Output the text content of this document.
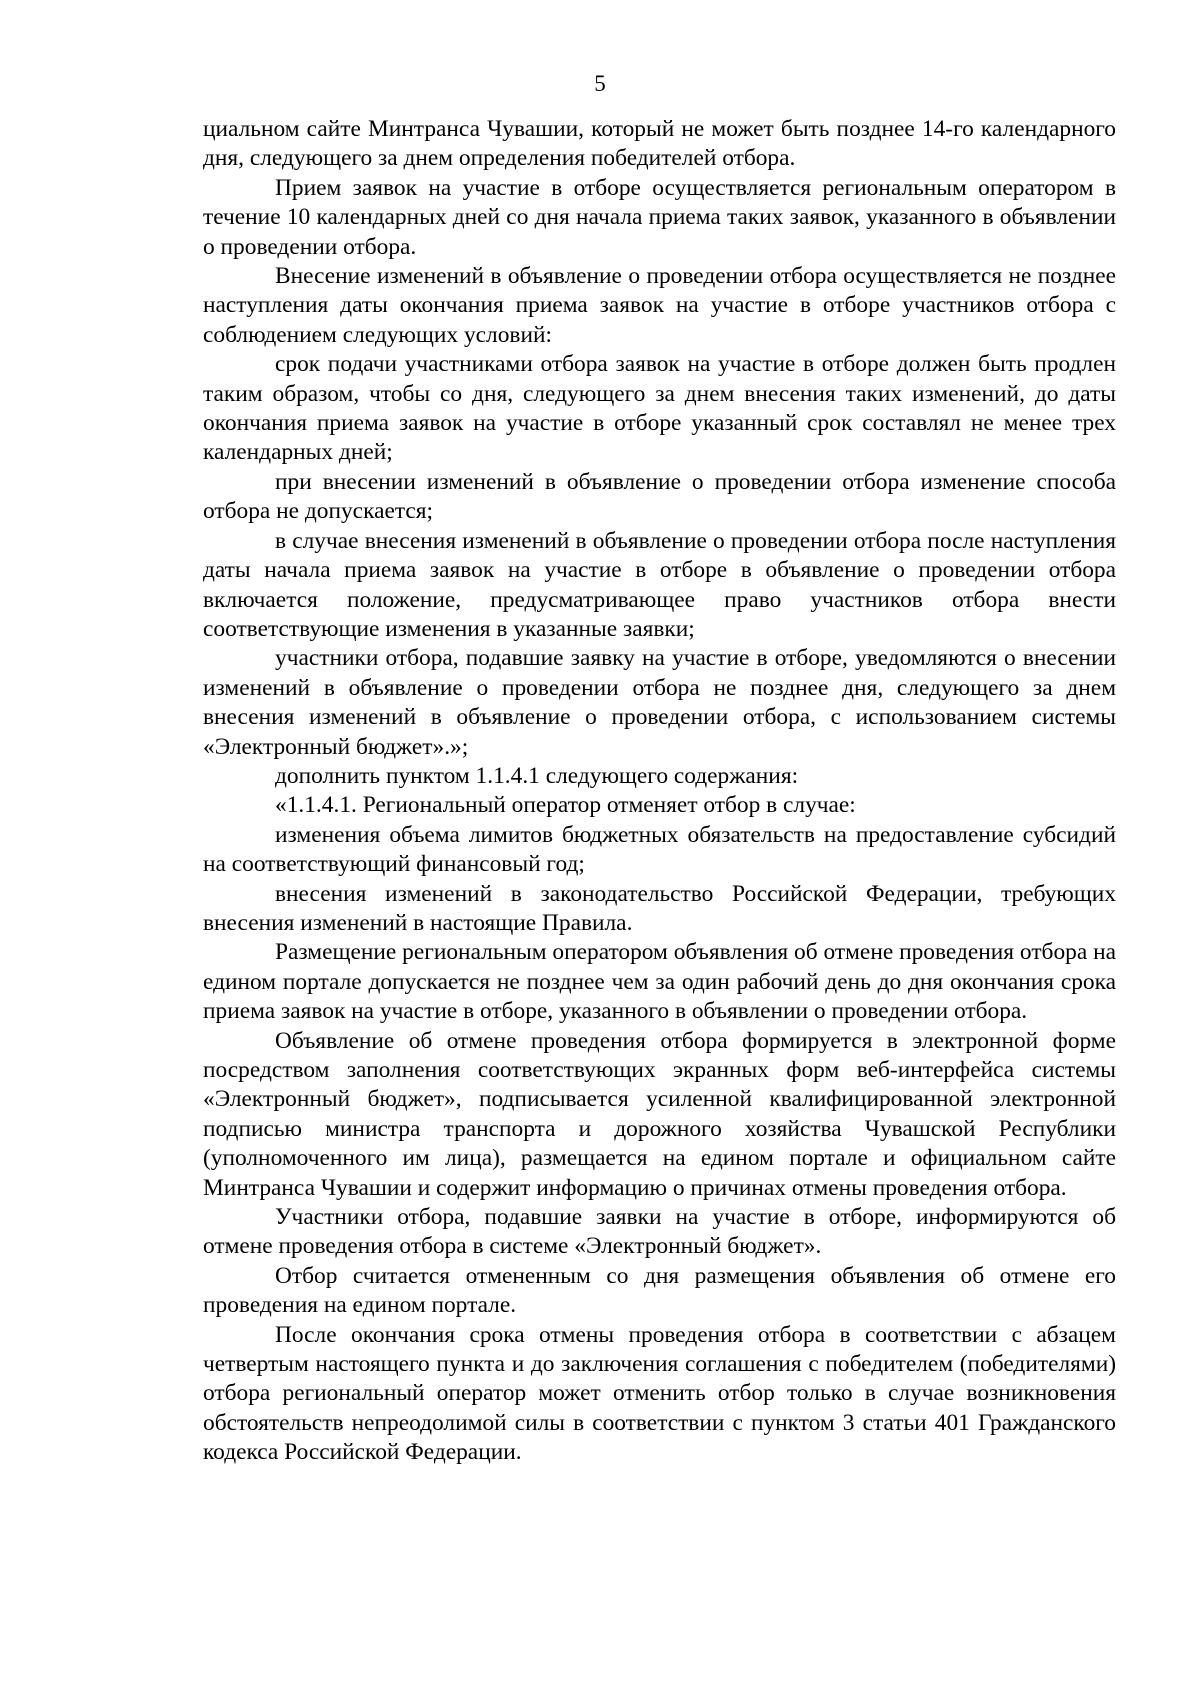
5

циальном сайте Минтранса Чувашии, который не может быть позднее 14-го календарного дня, следующего за днем определения победителей отбора.

Прием заявок на участие в отборе осуществляется региональным оператором в течение 10 календарных дней со дня начала приема таких заявок, указанного в объявлении о проведении отбора.

Внесение изменений в объявление о проведении отбора осуществляется не позднее наступления даты окончания приема заявок на участие в отборе участников отбора с соблюдением следующих условий:

срок подачи участниками отбора заявок на участие в отборе должен быть продлен таким образом, чтобы со дня, следующего за днем внесения таких изменений, до даты окончания приема заявок на участие в отборе указанный срок составлял не менее трех календарных дней;

при внесении изменений в объявление о проведении отбора изменение способа отбора не допускается;

в случае внесения изменений в объявление о проведении отбора после наступления даты начала приема заявок на участие в отборе в объявление о проведении отбора включается положение, предусматривающее право участников отбора внести соответствующие изменения в указанные заявки;

участники отбора, подавшие заявку на участие в отборе, уведомляются о внесении изменений в объявление о проведении отбора не позднее дня, следующего за днем внесения изменений в объявление о проведении отбора, с использованием системы «Электронный бюджет».»;

дополнить пунктом 1.1.4.1 следующего содержания:

«1.1.4.1. Региональный оператор отменяет отбор в случае:

изменения объема лимитов бюджетных обязательств на предоставление субсидий на соответствующий финансовый год;

внесения изменений в законодательство Российской Федерации, требующих внесения изменений в настоящие Правила.

Размещение региональным оператором объявления об отмене проведения отбора на едином портале допускается не позднее чем за один рабочий день до дня окончания срока приема заявок на участие в отборе, указанного в объявлении о проведении отбора.

Объявление об отмене проведения отбора формируется в электронной форме посредством заполнения соответствующих экранных форм веб-интерфейса системы «Электронный бюджет», подписывается усиленной квалифицированной электронной подписью министра транспорта и дорожного хозяйства Чувашской Республики (уполномоченного им лица), размещается на едином портале и официальном сайте Минтранса Чувашии и содержит информацию о причинах отмены проведения отбора.

Участники отбора, подавшие заявки на участие в отборе, информируются об отмене проведения отбора в системе «Электронный бюджет».

Отбор считается отмененным со дня размещения объявления об отмене его проведения на едином портале.

После окончания срока отмены проведения отбора в соответствии с абзацем четвертым настоящего пункта и до заключения соглашения с победителем (победителями) отбора региональный оператор может отменить отбор только в случае возникновения обстоятельств непреодолимой силы в соответствии с пунктом 3 статьи 401 Гражданского кодекса Российской Федерации.
